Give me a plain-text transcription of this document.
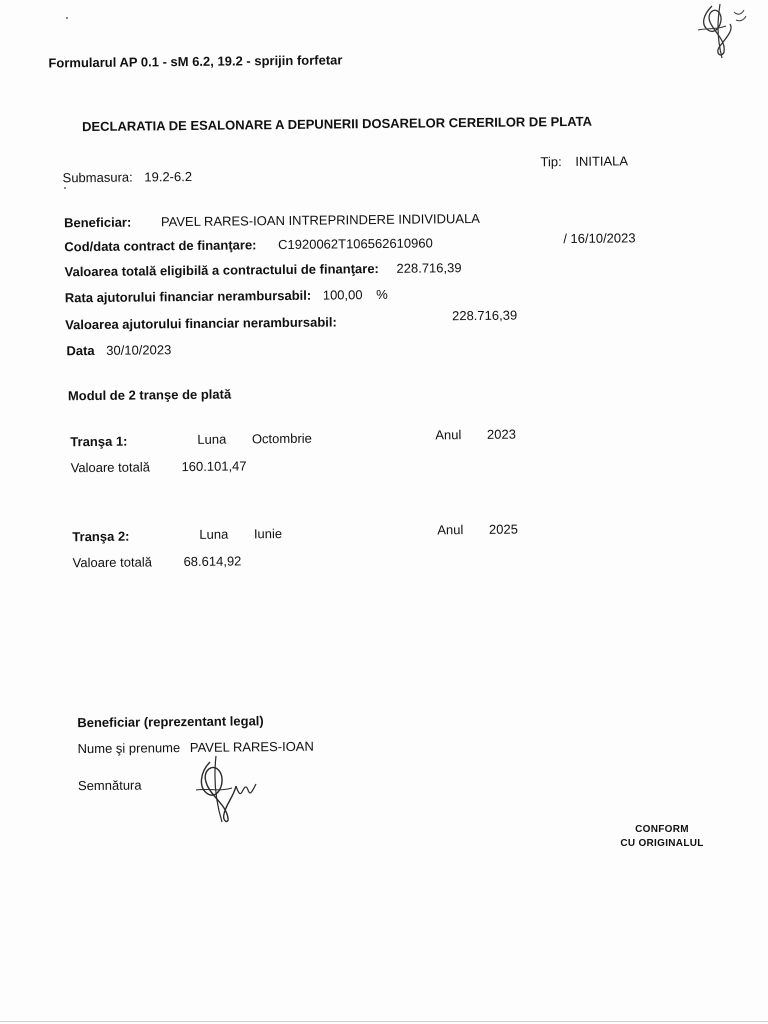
Formularul AP 0.1 - sM 6.2, 19.2 - sprijin forfetar
DECLARATIA DE ESALONARE A DEPUNERII DOSARELOR CERERILOR DE PLATA
Submasura: 19.2-6.2
Tip: INITIALA
Beneficiar: PAVEL RARES-IOAN INTREPRINDERE INDIVIDUALA
Cod/data contract de finanţare: C1920062T106562610960	/ 16/10/2023
Valoarea totală eligibilă a contractului de finanţare: 228.716,39
Rata ajutorului financiar nerambursabil: 100,00 %
Valoarea ajutorului financiar nerambursabil:	228.716,39
Data 30/10/2023
Modul de 2 tranşe de plată
Tranşa 1:	Luna Octombrie	Anul 2023
Valoare totală 160.101,47
Tranşa 2:	Luna Iunie	Anul 2025
Valoare totală 68.614,92
Beneficiar (reprezentant legal)
Nume şi prenume PAVEL RARES-IOAN
Semnătura
CONFORM
CU ORIGINALUL
